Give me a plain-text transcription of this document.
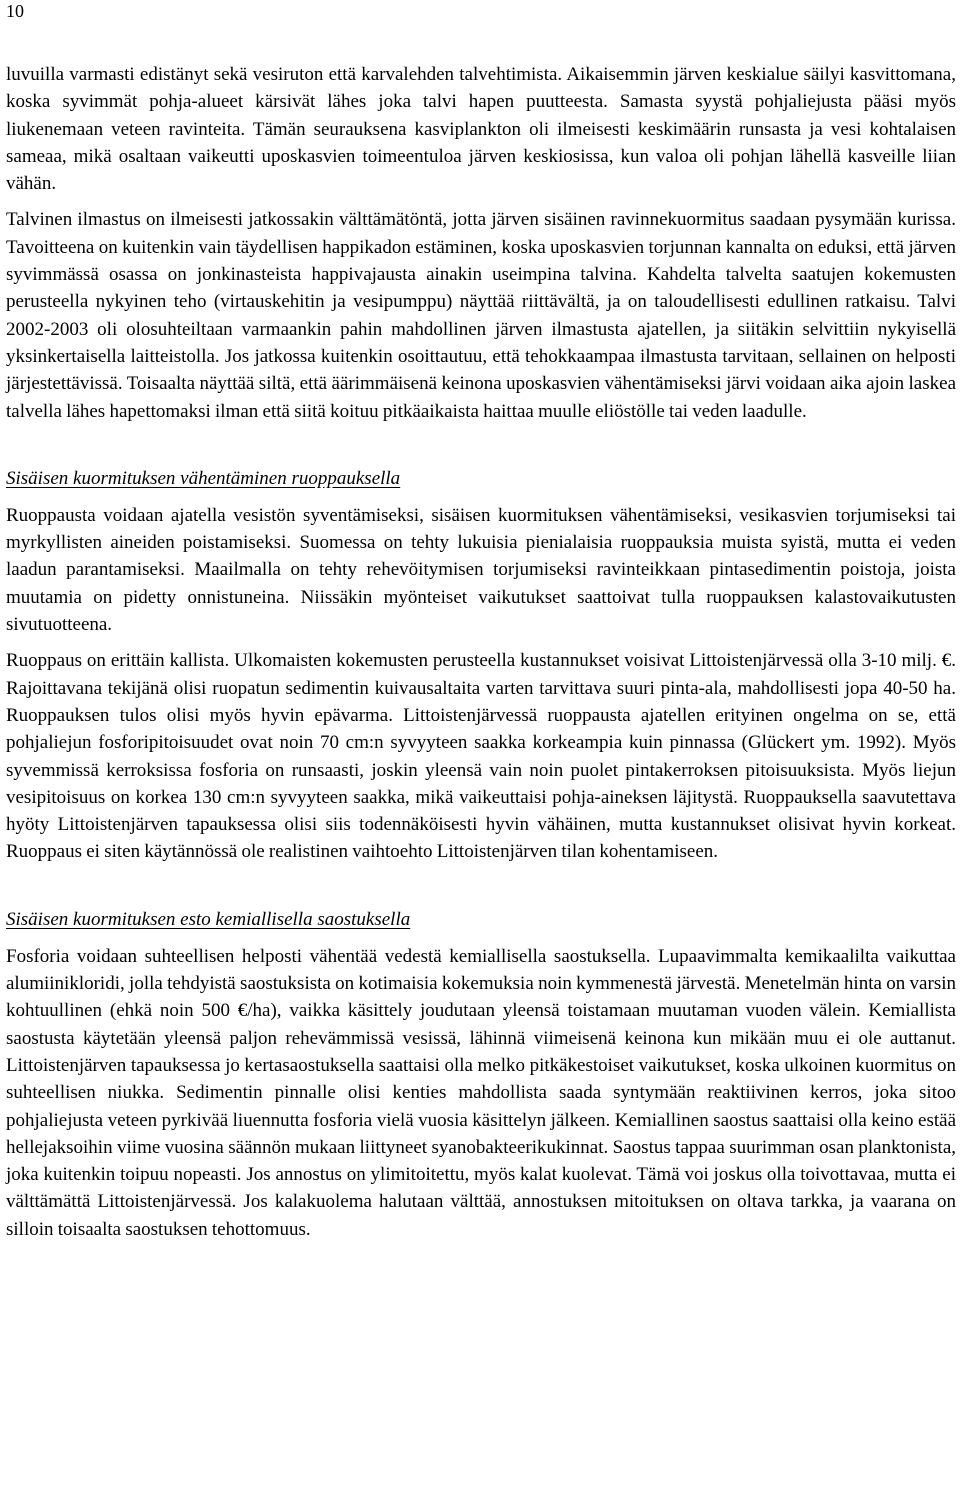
10

luvuilla varmasti edistänyt sekä vesiruton että karvalehden talvehtimista. Aikaisemmin järven keskialue säilyi kasvittomana, koska syvimmät pohja-alueet kärsivät lähes joka talvi hapen puutteesta. Samasta syystä pohjaliejusta pääsi myös liukenemaan veteen ravinteita. Tämän seurauksena kasviplankton oli ilmeisesti keskimäärin runsasta ja vesi kohtalaisen sameaa, mikä osaltaan vaikeutti uposkasvien toimeentuloa järven keskiosissa, kun valoa oli pohjan lähellä kasveille liian vähän.

Talvinen ilmastus on ilmeisesti jatkossakin välttämätöntä, jotta järven sisäinen ravinnekuormitus saadaan pysymään kurissa. Tavoitteena on kuitenkin vain täydellisen happikadon estäminen, koska uposkasvien torjunnan kannalta on eduksi, että järven syvimmässä osassa on jonkinasteista happivajausta ainakin useimpina talvina. Kahdelta talvelta saatujen kokemusten perusteella nykyinen teho (virtauskehitin ja vesipumppu) näyttää riittävältä, ja on taloudellisesti edullinen ratkaisu. Talvi 2002-2003 oli olosuhteiltaan varmaankin pahin mahdollinen järven ilmastusta ajatellen, ja siitäkin selvittiin nykyisellä yksinkertaisella laitteistolla. Jos jatkossa kuitenkin osoittautuu, että tehokkaampaa ilmastusta tarvitaan, sellainen on helposti järjestettävissä. Toisaalta näyttää siltä, että äärimmäisenä keinona uposkasvien vähentämiseksi järvi voidaan aika ajoin laskea talvella lähes hapettomaksi ilman että siitä koituu pitkäaikaista haittaa muulle eliöstölle tai veden laadulle.

Sisäisen kuormituksen vähentäminen ruoppauksella

Ruoppausta voidaan ajatella vesistön syventämiseksi, sisäisen kuormituksen vähentämiseksi, vesikasvien torjumiseksi tai myrkyllisten aineiden poistamiseksi. Suomessa on tehty lukuisia pienialaisia ruoppauksia muista syistä, mutta ei veden laadun parantamiseksi. Maailmalla on tehty rehevöitymisen torjumiseksi ravinteikkaan pintasedimentin poistoja, joista muutamia on pidetty onnistuneina. Niissäkin myönteiset vaikutukset saattoivat tulla ruoppauksen kalastovaikutusten sivutuotteena.

Ruoppaus on erittäin kallista. Ulkomaisten kokemusten perusteella kustannukset voisivat Littoistenjärvessä olla 3-10 milj. €. Rajoittavana tekijänä olisi ruopatun sedimentin kuivausaltaita varten tarvittava suuri pinta-ala, mahdollisesti jopa 40-50 ha. Ruoppauksen tulos olisi myös hyvin epävarma. Littoistenjärvessä ruoppausta ajatellen erityinen ongelma on se, että pohjaliejun fosforipitoisuudet ovat noin 70 cm:n syvyyteen saakka korkeampia kuin pinnassa (Glückert ym. 1992). Myös syvemmissä kerroksissa fosforia on runsaasti, joskin yleensä vain noin puolet pintakerroksen pitoisuuksista. Myös liejun vesipitoisuus on korkea 130 cm:n syvyyteen saakka, mikä vaikeuttaisi pohja-aineksen läjitystä. Ruoppauksella saavutettava hyöty Littoistenjärven tapauksessa olisi siis todennäköisesti hyvin vähäinen, mutta kustannukset olisivat hyvin korkeat. Ruoppaus ei siten käytännössä ole realistinen vaihtoehto Littoistenjärven tilan kohentamiseen.

Sisäisen kuormituksen esto kemiallisella saostuksella

Fosforia voidaan suhteellisen helposti vähentää vedestä kemiallisella saostuksella. Lupaavimmalta kemikaalilta vaikuttaa alumiinikloridi, jolla tehdyistä saostuksista on kotimaisia kokemuksia noin kymmenestä järvestä. Menetelmän hinta on varsin kohtuullinen (ehkä noin 500 €/ha), vaikka käsittely joudutaan yleensä toistamaan muutaman vuoden välein. Kemiallista saostusta käytetään yleensä paljon rehevämmissä vesissä, lähinnä viimeisenä keinona kun mikään muu ei ole auttanut. Littoistenjärven tapauksessa jo kertasaostuksella saattaisi olla melko pitkäkestoiset vaikutukset, koska ulkoinen kuormitus on suhteellisen niukka. Sedimentin pinnalle olisi kenties mahdollista saada syntymään reaktiivinen kerros, joka sitoo pohjaliejusta veteen pyrkivää liuennutta fosforia vielä vuosia käsittelyn jälkeen. Kemiallinen saostus saattaisi olla keino estää hellejaksoihin viime vuosina säännön mukaan liittyneet syanobakteerikukinnat. Saostus tappaa suurimman osan planktonista, joka kuitenkin toipuu nopeasti. Jos annostus on ylimitoitettu, myös kalat kuolevat. Tämä voi joskus olla toivottavaa, mutta ei välttämättä Littoistenjärvessä. Jos kalakuolema halutaan välttää, annostuksen mitoituksen on oltava tarkka, ja vaarana on silloin toisaalta saostuksen tehottomuus.
